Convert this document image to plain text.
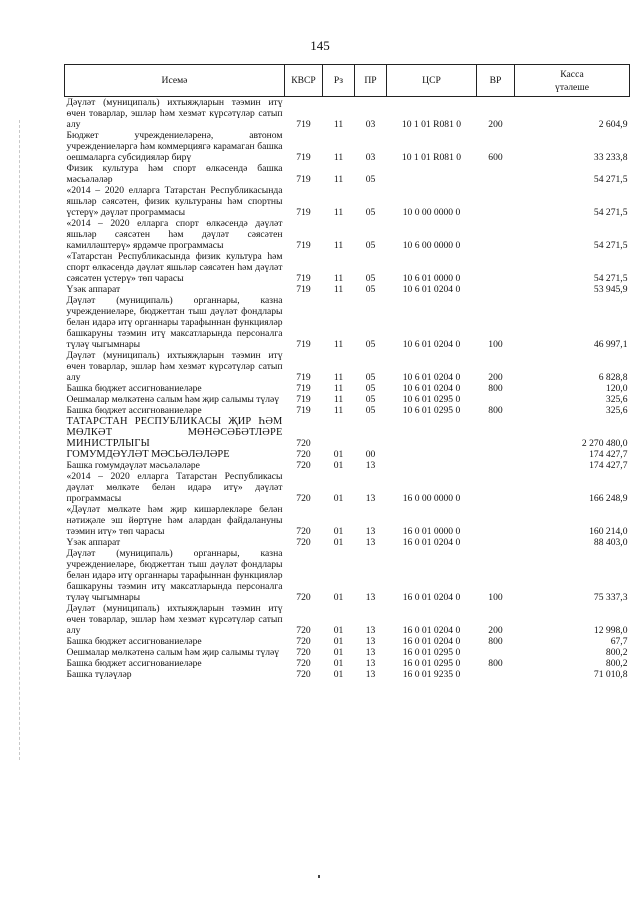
145
Исемә	КВСР	Рз	ПР	ЦСР	ВР	Касса
үтәлеше
Дәүләт (муниципаль) ихтыяҗларын тәэмин итү өчен товарлар, эшләр һәм хезмәт күрсәтүләр сатып алу	719	11	03	10 1 01 R081 0	200	2 604,9
Бюджет учреждениеләренә, автоном учреждениеләргә һәм коммерциягә карамаган башка оешмаларга субсидияләр бирү	719	11	03	10 1 01 R081 0	600	33 233,8
Физик культура һәм спорт өлкәсендә башка мәсьәләләр	719	11	05			54 271,5
«2014 – 2020 елларга Татарстан Республикасында яшьләр сәясәтен, физик культураны һәм спортны үстерү» дәүләт программасы	719	11	05	10 0 00 0000 0		54 271,5
«2014 – 2020 елларга спорт өлкәсендә дәүләт яшьләр сәясәтен һәм дәүләт сәясәтен камилләштерү» ярдәмче программасы	719	11	05	10 6 00 0000 0		54 271,5
«Татарстан Республикасында физик культура һәм спорт өлкәсендә дәүләт яшьләр сәясәтен һәм дәүләт сәясәтен үстерү» төп чарасы	719	11	05	10 6 01 0000 0		54 271,5
Үзәк аппарат	719	11	05	10 6 01 0204 0		53 945,9
Дәүләт (муниципаль) органнары, казна учреждениеләре, бюджеттан тыш дәүләт фондлары белән идарә итү органнары тарафыннан функцияләр башкаруны тәэмин итү максатларында персоналга түләү чыгымнары	719	11	05	10 6 01 0204 0	100	46 997,1
Дәүләт (муниципаль) ихтыяҗларын тәэмин итү өчен товарлар, эшләр һәм хезмәт күрсәтүләр сатып алу	719	11	05	10 6 01 0204 0	200	6 828,8
Башка бюджет ассигнованиеләре	719	11	05	10 6 01 0204 0	800	120,0
Оешмалар мөлкәтенә салым һәм җир салымы түләү	719	11	05	10 6 01 0295 0		325,6
Башка бюджет ассигнованиеләре	719	11	05	10 6 01 0295 0	800	325,6
ТАТАРСТАН РЕСПУБЛИКАСЫ ҖИР ҺӘМ МӨЛКӘТ МӨНӘСӘБӘТЛӘРЕ МИНИСТРЛЫГЫ	720					2 270 480,0
ГОМУМДӘҮЛӘТ МӘСЬӘЛӘЛӘРЕ	720	01	00			174 427,7
Башка гомумдәүләт мәсьәләләре	720	01	13			174 427,7
«2014 – 2020 елларга Татарстан Республикасы дәүләт мөлкәте белән идарә итү» дәүләт программасы	720	01	13	16 0 00 0000 0		166 248,9
«Дәүләт мөлкәте һәм җир кишәрлекләре белән нәтиҗәле эш йөртүне һәм алардан файдалануны тәэмин итү» төп чарасы	720	01	13	16 0 01 0000 0		160 214,0
Үзәк аппарат	720	01	13	16 0 01 0204 0		88 403,0
Дәүләт (муниципаль) органнары, казна учреждениеләре, бюджеттан тыш дәүләт фондлары белән идарә итү органнары тарафыннан функцияләр башкаруны тәэмин итү максатларында персоналга түләү чыгымнары	720	01	13	16 0 01 0204 0	100	75 337,3
Дәүләт (муниципаль) ихтыяҗларын тәэмин итү өчен товарлар, эшләр һәм хезмәт күрсәтүләр сатып алу	720	01	13	16 0 01 0204 0	200	12 998,0
Башка бюджет ассигнованиеләре	720	01	13	16 0 01 0204 0	800	67,7
Оешмалар мөлкәтенә салым һәм җир салымы түләү	720	01	13	16 0 01 0295 0		800,2
Башка бюджет ассигнованиеләре	720	01	13	16 0 01 0295 0	800	800,2
Башка түләүләр	720	01	13	16 0 01 9235 0		71 010,8
